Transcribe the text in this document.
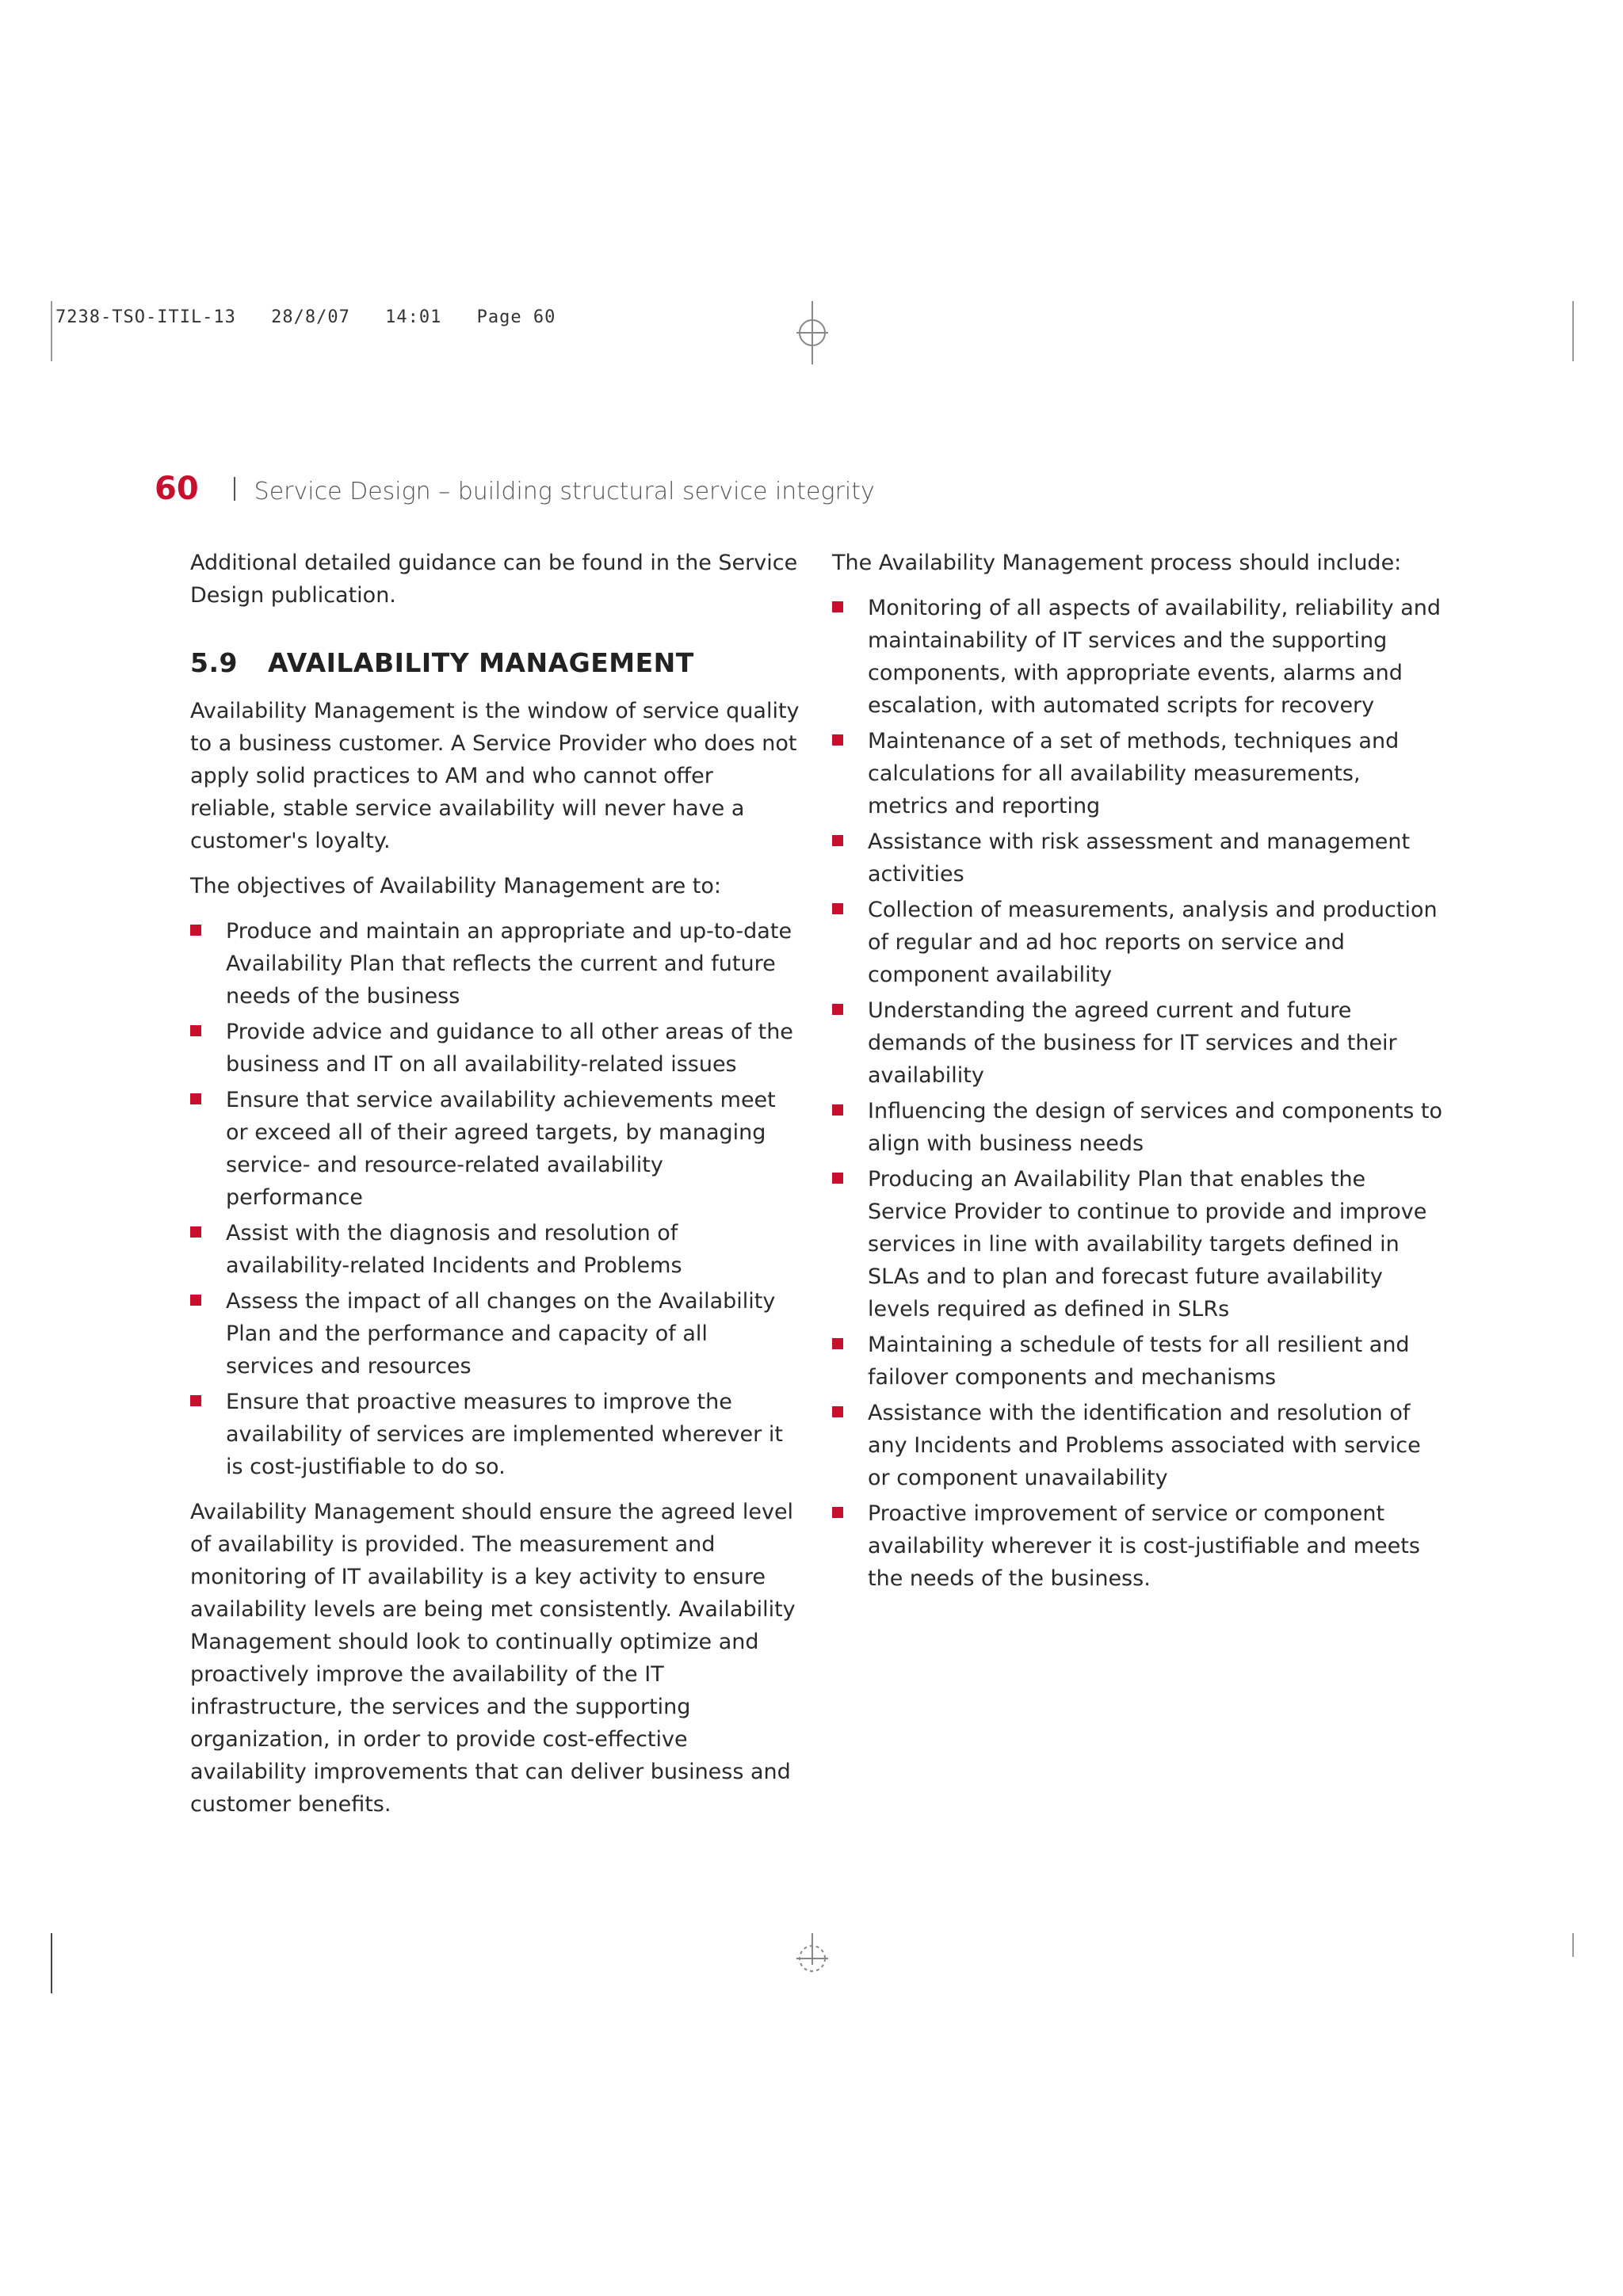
7238-TSO-ITIL-13 28/8/07 14:01 Page 60
60 Service Design – building structural service integrity

Additional detailed guidance can be found in the Service Design publication.

5.9 AVAILABILITY MANAGEMENT

Availability Management is the window of service quality to a business customer. A Service Provider who does not apply solid practices to AM and who cannot offer reliable, stable service availability will never have a customer's loyalty.

The objectives of Availability Management are to:

Produce and maintain an appropriate and up-to-date Availability Plan that reflects the current and future needs of the business
Provide advice and guidance to all other areas of the business and IT on all availability-related issues
Ensure that service availability achievements meet or exceed all of their agreed targets, by managing service- and resource-related availability performance
Assist with the diagnosis and resolution of availability-related Incidents and Problems
Assess the impact of all changes on the Availability Plan and the performance and capacity of all services and resources
Ensure that proactive measures to improve the availability of services are implemented wherever it is cost-justifiable to do so.

Availability Management should ensure the agreed level of availability is provided. The measurement and monitoring of IT availability is a key activity to ensure availability levels are being met consistently. Availability Management should look to continually optimize and proactively improve the availability of the IT infrastructure, the services and the supporting organization, in order to provide cost-effective availability improvements that can deliver business and customer benefits.

The Availability Management process should include:

Monitoring of all aspects of availability, reliability and maintainability of IT services and the supporting components, with appropriate events, alarms and escalation, with automated scripts for recovery
Maintenance of a set of methods, techniques and calculations for all availability measurements, metrics and reporting
Assistance with risk assessment and management activities
Collection of measurements, analysis and production of regular and ad hoc reports on service and component availability
Understanding the agreed current and future demands of the business for IT services and their availability
Influencing the design of services and components to align with business needs
Producing an Availability Plan that enables the Service Provider to continue to provide and improve services in line with availability targets defined in SLAs and to plan and forecast future availability levels required as defined in SLRs
Maintaining a schedule of tests for all resilient and failover components and mechanisms
Assistance with the identification and resolution of any Incidents and Problems associated with service or component unavailability
Proactive improvement of service or component availability wherever it is cost-justifiable and meets the needs of the business.
